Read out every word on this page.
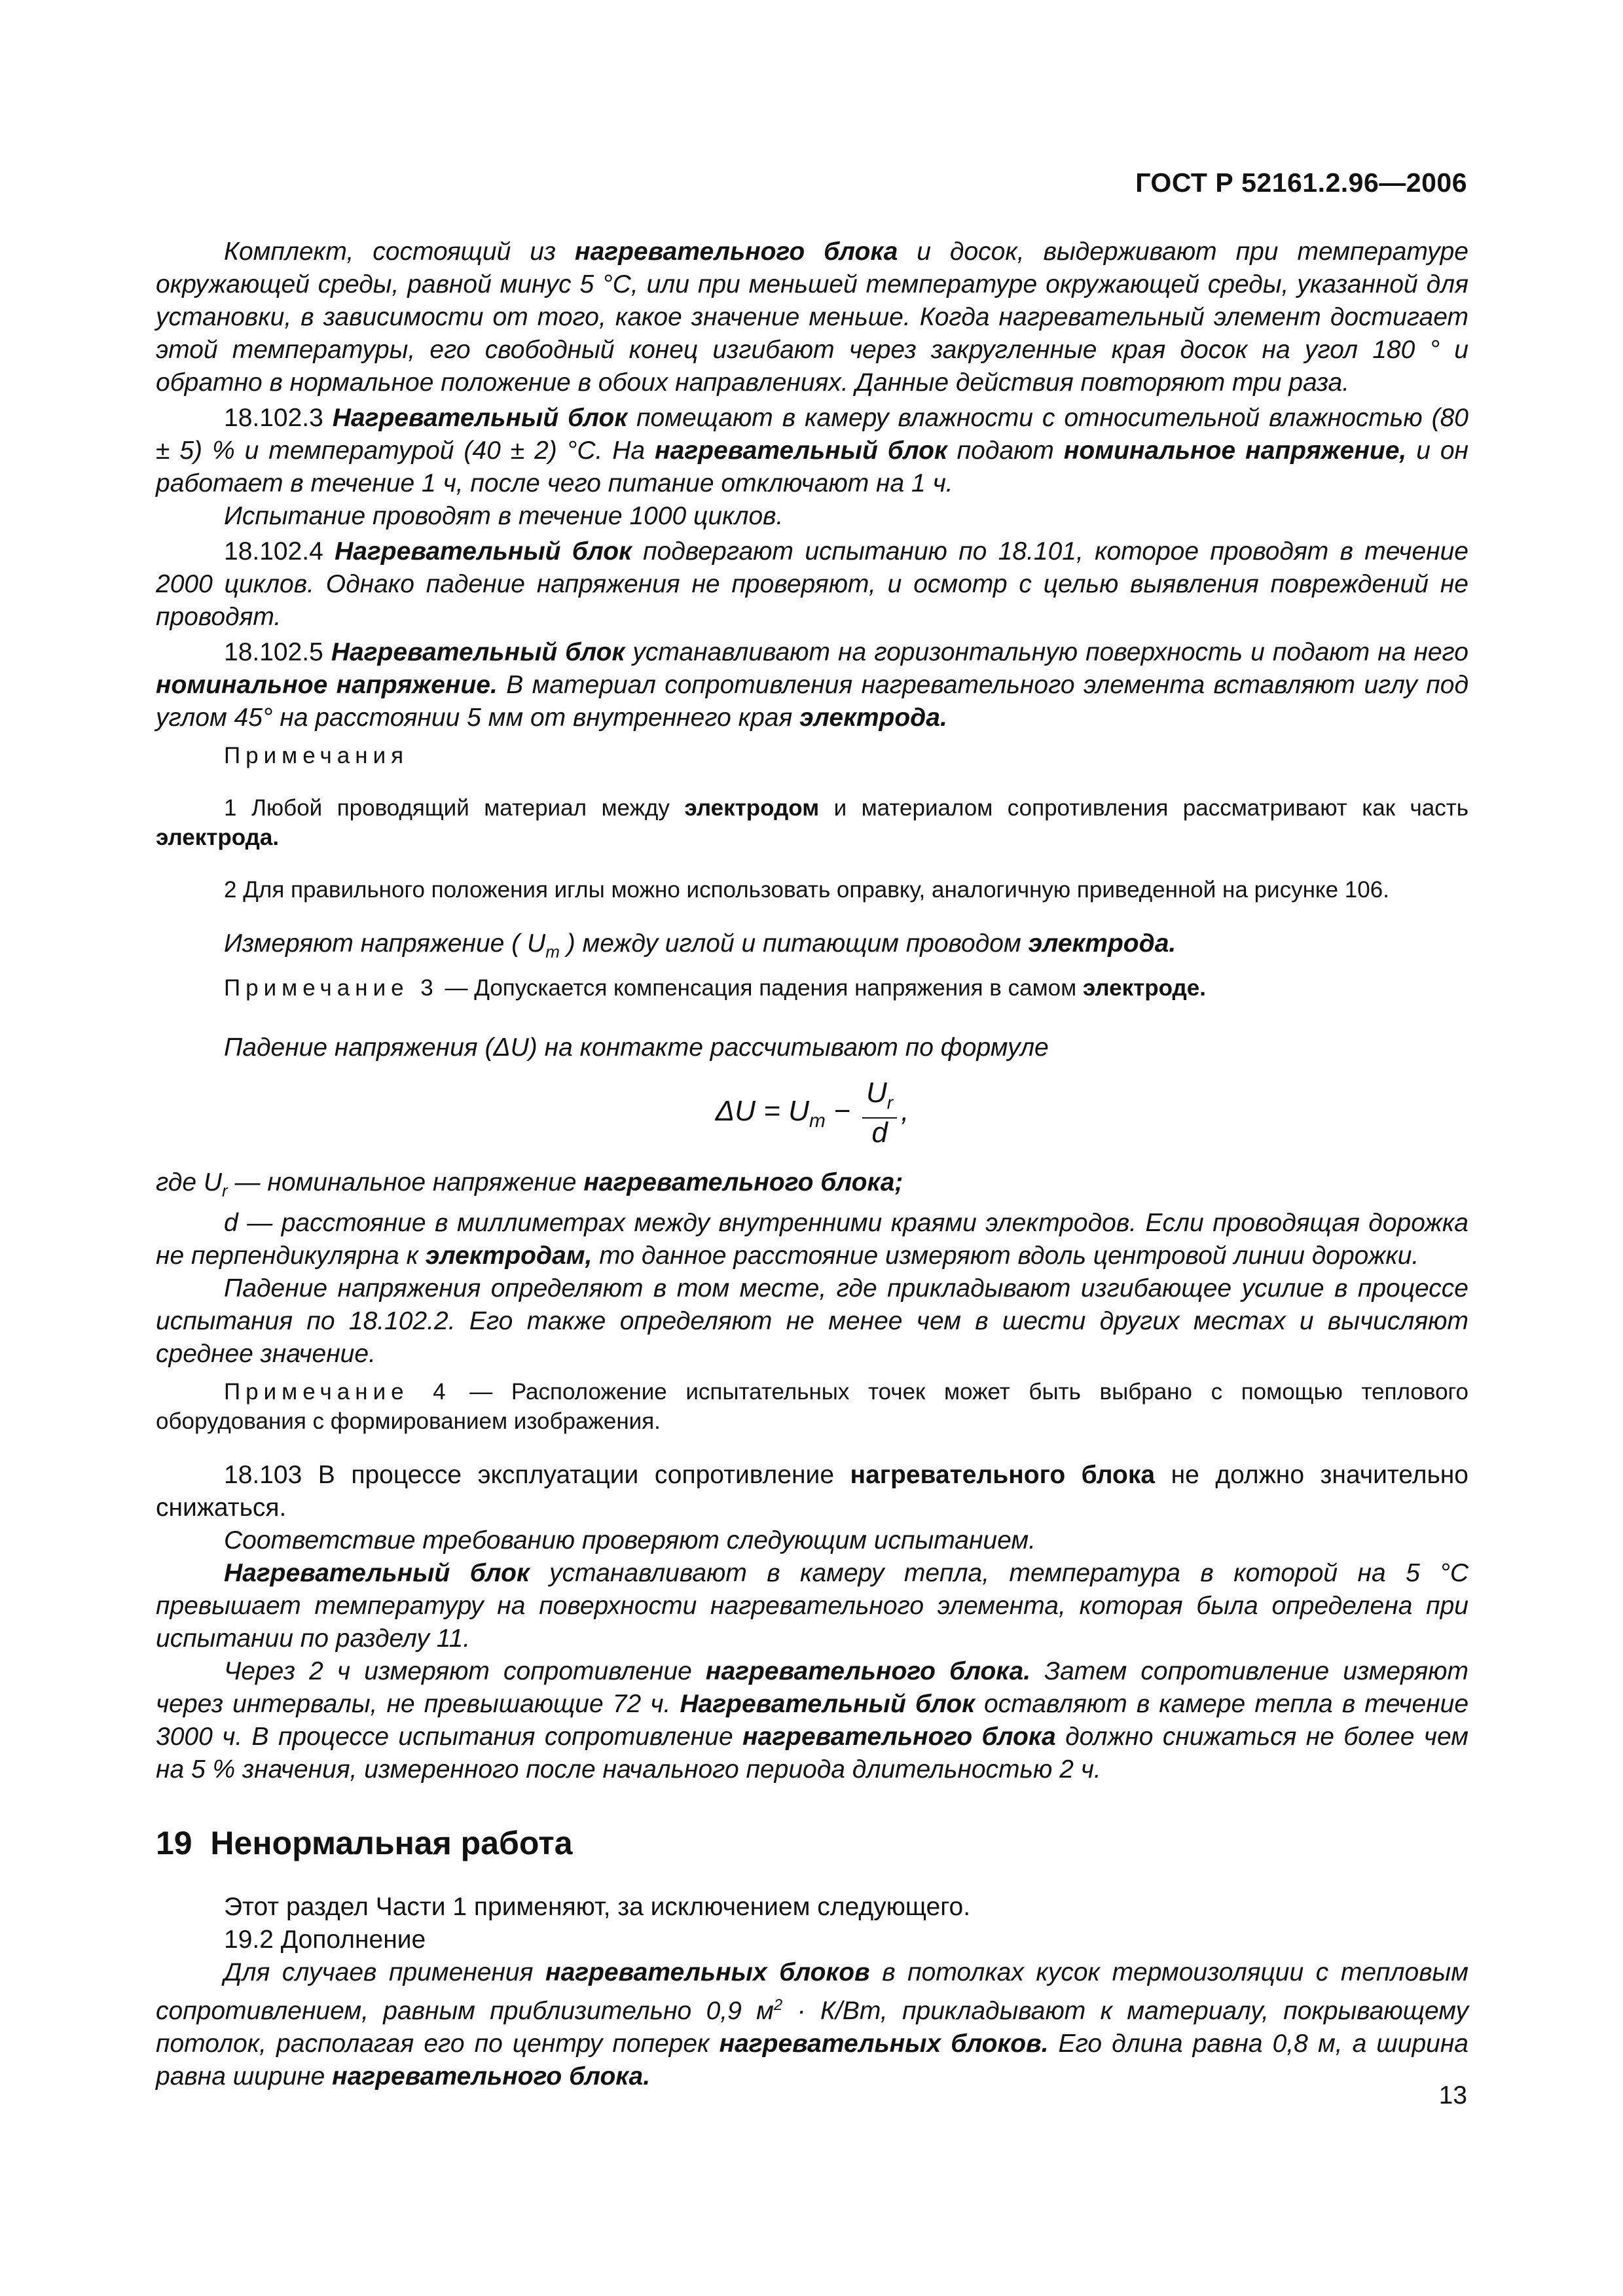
ГОСТ Р 52161.2.96—2006

Комплект, состоящий из нагревательного блока и досок, выдерживают при температуре окружающей среды, равной минус 5 °С, или при меньшей температуре окружающей среды, указанной для установки, в зависимости от того, какое значение меньше. Когда нагревательный элемент достигает этой температуры, его свободный конец изгибают через закругленные края досок на угол 180 ° и обратно в нормальное положение в обоих направлениях. Данные действия повторяют три раза.

18.102.3 Нагревательный блок помещают в камеру влажности с относительной влажностью (80 ± 5) % и температурой (40 ± 2) °С. На нагревательный блок подают номинальное напряжение, и он работает в течение 1 ч, после чего питание отключают на 1 ч.

Испытание проводят в течение 1000 циклов.

18.102.4 Нагревательный блок подвергают испытанию по 18.101, которое проводят в течение 2000 циклов. Однако падение напряжения не проверяют, и осмотр с целью выявления повреждений не проводят.

18.102.5 Нагревательный блок устанавливают на горизонтальную поверхность и подают на него номинальное напряжение. В материал сопротивления нагревательного элемента вставляют иглу под углом 45° на расстоянии 5 мм от внутреннего края электрода.

Примечания

1 Любой проводящий материал между электродом и материалом сопротивления рассматривают как часть электрода.

2 Для правильного положения иглы можно использовать оправку, аналогичную приведенной на рисунке 106.

Измеряют напряжение ( $U_m$ ) между иглой и питающим проводом электрода.

Примечание 3 — Допускается компенсация падения напряжения в самом электроде.

Падение напряжения (ΔU) на контакте рассчитывают по формуле

$\Delta U = U_m - \frac{U_r}{d}$ ,

где $U_r$ — номинальное напряжение нагревательного блока;

d — расстояние в миллиметрах между внутренними краями электродов. Если проводящая дорожка не перпендикулярна к электродам, то данное расстояние измеряют вдоль центровой линии дорожки.

Падение напряжения определяют в том месте, где прикладывают изгибающее усилие в процессе испытания по 18.102.2. Его также определяют не менее чем в шести других местах и вычисляют среднее значение.

Примечание 4 — Расположение испытательных точек может быть выбрано с помощью теплового оборудования с формированием изображения.

18.103 В процессе эксплуатации сопротивление нагревательного блока не должно значительно снижаться.

Соответствие требованию проверяют следующим испытанием.

Нагревательный блок устанавливают в камеру тепла, температура в которой на 5 °С превышает температуру на поверхности нагревательного элемента, которая была определена при испытании по разделу 11.

Через 2 ч измеряют сопротивление нагревательного блока. Затем сопротивление измеряют через интервалы, не превышающие 72 ч. Нагревательный блок оставляют в камере тепла в течение 3000 ч. В процессе испытания сопротивление нагревательного блока должно снижаться не более чем на 5 % значения, измеренного после начального периода длительностью 2 ч.

19 Ненормальная работа

Этот раздел Части 1 применяют, за исключением следующего.

19.2 Дополнение

Для случаев применения нагревательных блоков в потолках кусок термоизоляции с тепловым сопротивлением, равным приблизительно 0,9 $м^2 \cdot К/Вт$, прикладывают к материалу, покрывающему потолок, располагая его по центру поперек нагревательных блоков. Его длина равна 0,8 м, а ширина равна ширине нагревательного блока.

13
